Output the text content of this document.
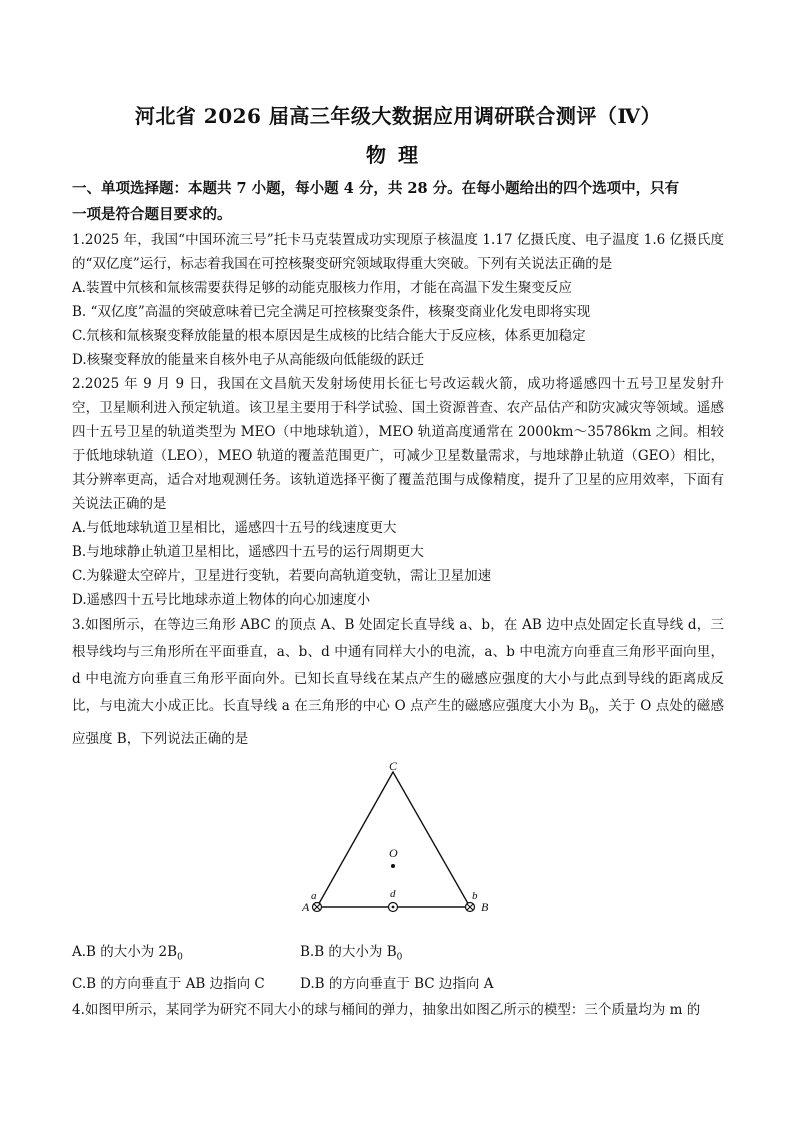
河北省 2026 届高三年级大数据应用调研联合测评（Ⅳ）
物理
一、单项选择题：本题共 7 小题，每小题 4 分，共 28 分。在每小题给出的四个选项中，只有
一项是符合题目要求的。

1.2025 年，我国“中国环流三号”托卡马克装置成功实现原子核温度 1.17 亿摄氏度、电子温度 1.6 亿摄氏度的“双亿度”运行，标志着我国在可控核聚变研究领域取得重大突破。下列有关说法正确的是

A.装置中氘核和氚核需要获得足够的动能克服核力作用，才能在高温下发生聚变反应
B. “双亿度”高温的突破意味着已完全满足可控核聚变条件，核聚变商业化发电即将实现
C.氘核和氚核聚变释放能量的根本原因是生成核的比结合能大于反应核，体系更加稳定
D.核聚变释放的能量来自核外电子从高能级向低能级的跃迁

2.2025 年 9 月 9 日，我国在文昌航天发射场使用长征七号改运载火箭，成功将遥感四十五号卫星发射升空，卫星顺利进入预定轨道。该卫星主要用于科学试验、国土资源普查、农产品估产和防灾减灾等领域。遥感四十五号卫星的轨道类型为 MEO（中地球轨道），MEO 轨道高度通常在 2000km～35786km 之间。相较于低地球轨道（LEO），MEO 轨道的覆盖范围更广，可减少卫星数量需求，与地球静止轨道（GEO）相比，其分辨率更高，适合对地观测任务。该轨道选择平衡了覆盖范围与成像精度，提升了卫星的应用效率，下面有关说法正确的是

A.与低地球轨道卫星相比，遥感四十五号的线速度更大
B.与地球静止轨道卫星相比，遥感四十五号的运行周期更大
C.为躲避太空碎片，卫星进行变轨，若要向高轨道变轨，需让卫星加速
D.遥感四十五号比地球赤道上物体的向心加速度小

3.如图所示，在等边三角形 ABC 的顶点 A、B 处固定长直导线 a、b，在 AB 边中点处固定长直导线 d，三根导线均与三角形所在平面垂直，a、b、d 中通有同样大小的电流，a、b 中电流方向垂直三角形平面向里，d 中电流方向垂直三角形平面向外。已知长直导线在某点产生的磁感应强度的大小与此点到导线的距离成反比，与电流大小成正比。长直导线 a 在三角形的中心 O 点产生的磁感应强度大小为 $B_0$，关于 O 点处的磁感应强度 B，下列说法正确的是

C
O
A	B
a	b
d
A.B 的大小为 $2B_0$	B.B 的大小为 $B_0$
C.B 的方向垂直于 AB 边指向 C	D.B 的方向垂直于 BC 边指向 A

4.如图甲所示，某同学为研究不同大小的球与桶间的弹力，抽象出如图乙所示的模型：三个质量均为 m 的
